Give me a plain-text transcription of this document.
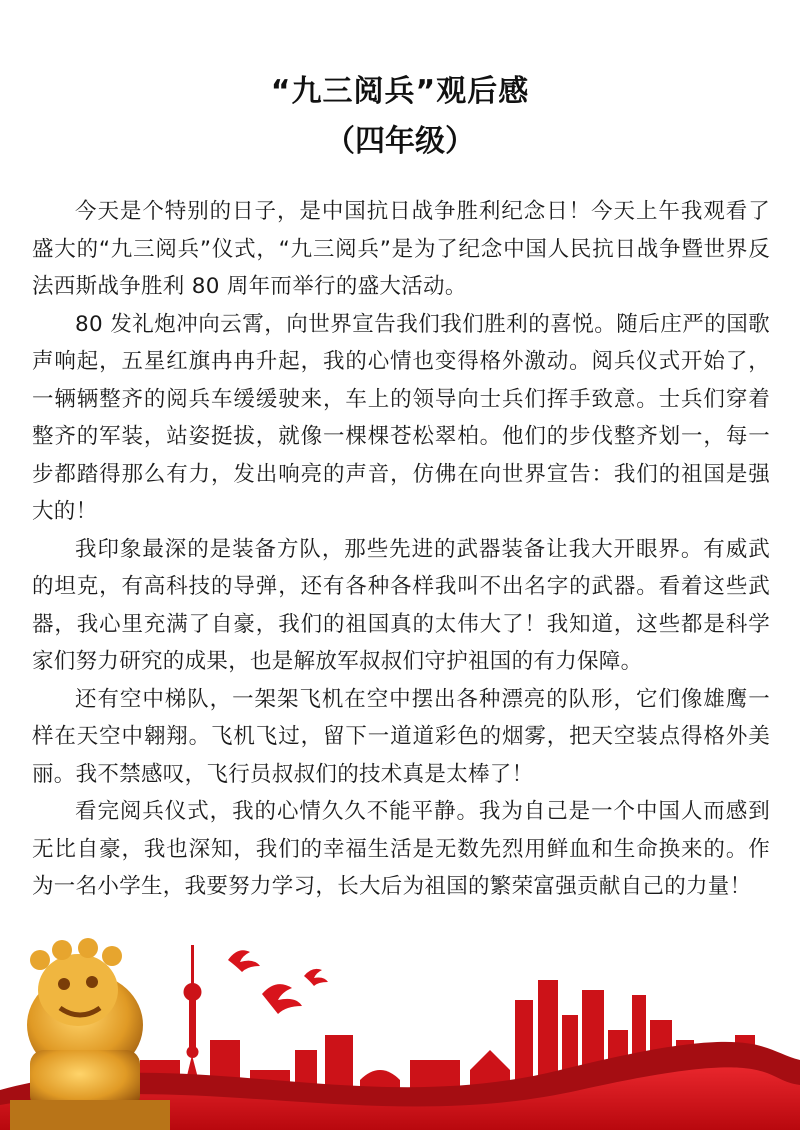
“九三阅兵”观后感
（四年级）

今天是个特别的日子，是中国抗日战争胜利纪念日！今天上午我观看了盛大的“九三阅兵”仪式，“九三阅兵”是为了纪念中国人民抗日战争暨世界反法西斯战争胜利 80 周年而举行的盛大活动。

80 发礼炮冲向云霄，向世界宣告我们我们胜利的喜悦。随后庄严的国歌声响起，五星红旗冉冉升起，我的心情也变得格外激动。阅兵仪式开始了，一辆辆整齐的阅兵车缓缓驶来，车上的领导向士兵们挥手致意。士兵们穿着整齐的军装，站姿挺拔，就像一棵棵苍松翠柏。他们的步伐整齐划一，每一步都踏得那么有力，发出响亮的声音，仿佛在向世界宣告：我们的祖国是强大的！

我印象最深的是装备方队，那些先进的武器装备让我大开眼界。有威武的坦克，有高科技的导弹，还有各种各样我叫不出名字的武器。看着这些武器，我心里充满了自豪，我们的祖国真的太伟大了！我知道，这些都是科学家们努力研究的成果，也是解放军叔叔们守护祖国的有力保障。

还有空中梯队，一架架飞机在空中摆出各种漂亮的队形，它们像雄鹰一样在天空中翱翔。飞机飞过，留下一道道彩色的烟雾，把天空装点得格外美丽。我不禁感叹，飞行员叔叔们的技术真是太棒了！

看完阅兵仪式，我的心情久久不能平静。我为自己是一个中国人而感到无比自豪，我也深知，我们的幸福生活是无数先烈用鲜血和生命换来的。作为一名小学生，我要努力学习，长大后为祖国的繁荣富强贡献自己的力量！
